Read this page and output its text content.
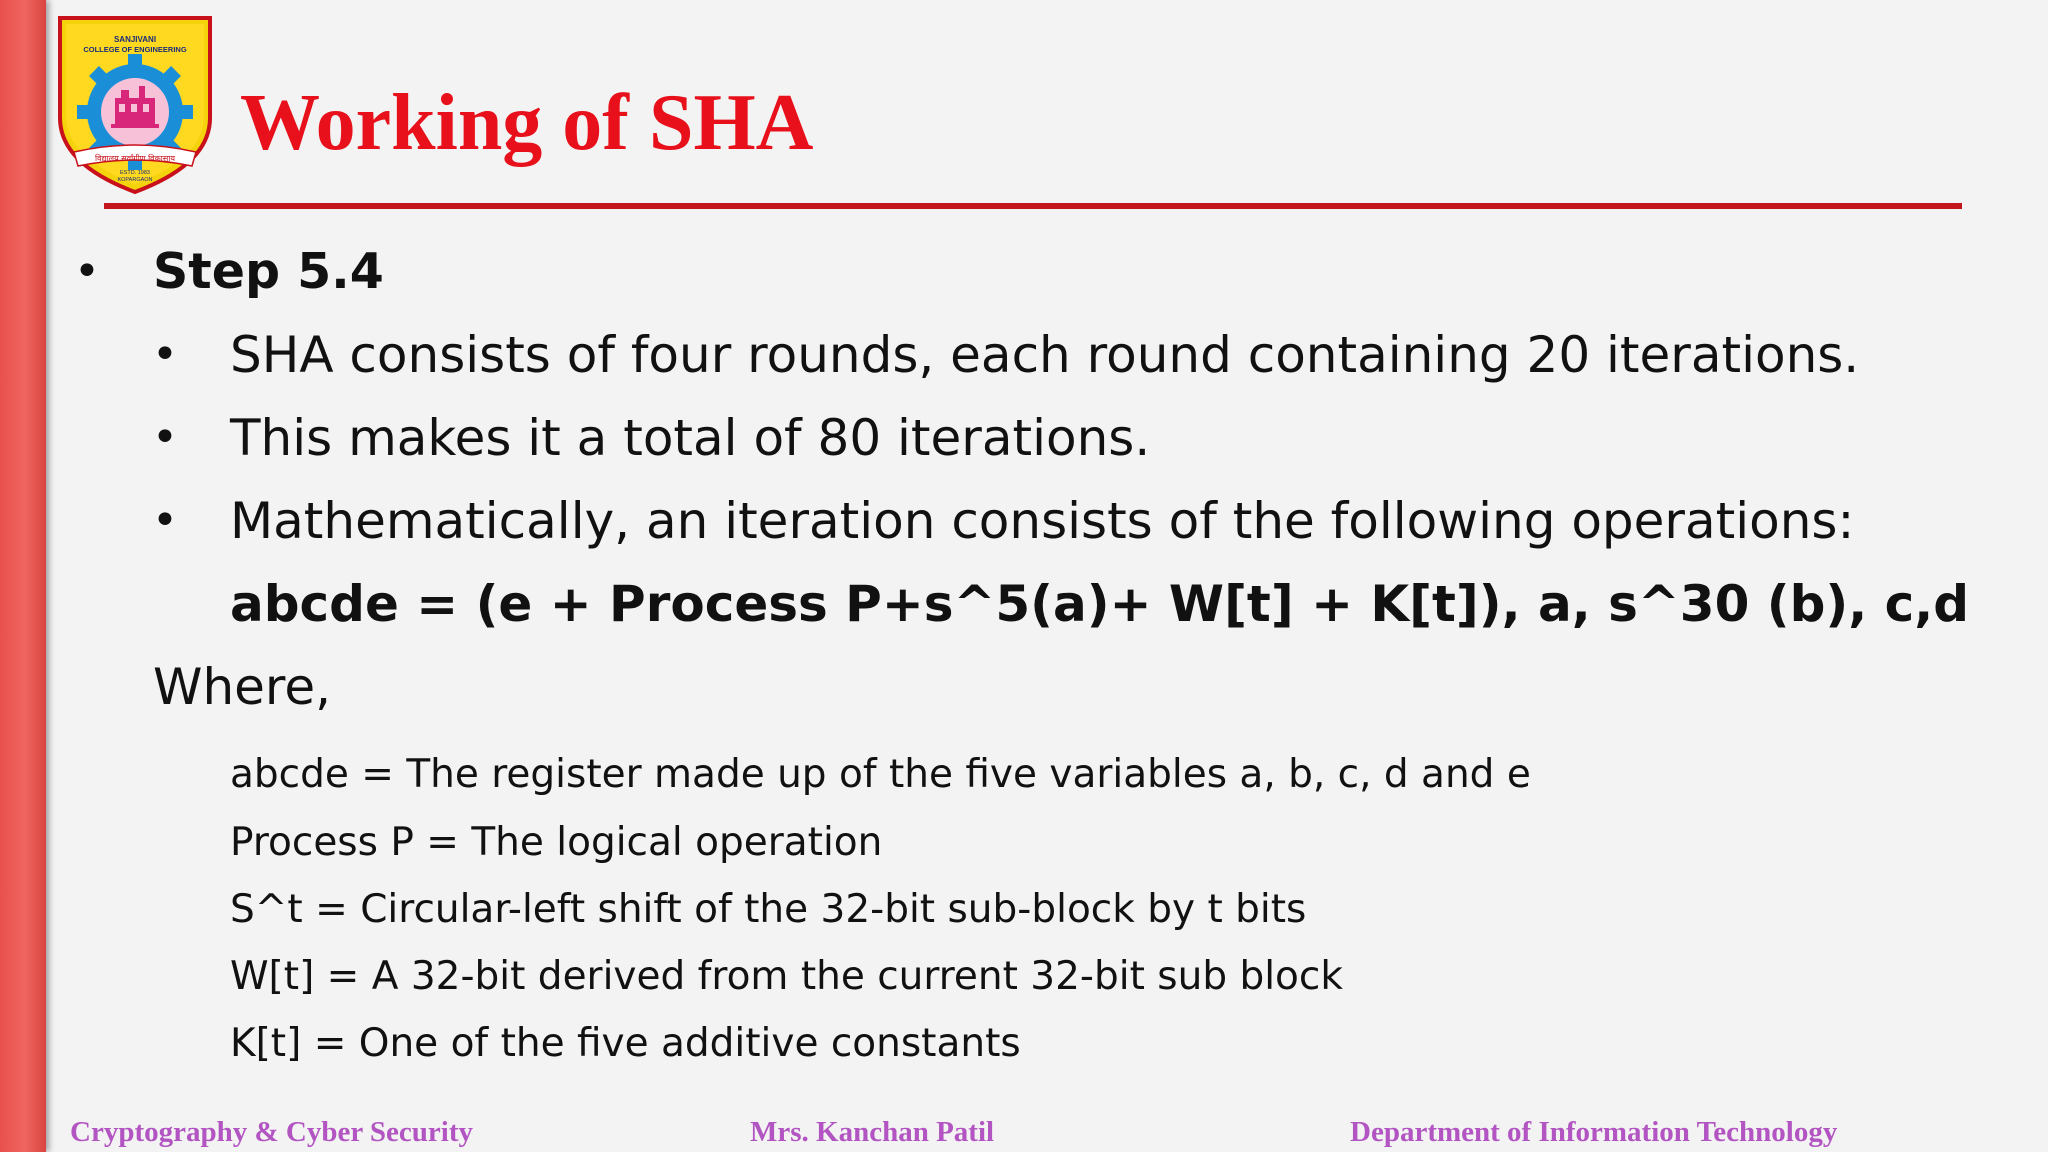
SANJIVANI
COLLEGE OF ENGINEERING
विद्यालय सर्वांगीण विकासाय
ESTD. 1983
KOPARGAON
Working of SHA
• Step 5.4
• SHA consists of four rounds, each round containing 20 iterations.
• This makes it a total of 80 iterations.
• Mathematically, an iteration consists of the following operations:
abcde = (e + Process P+s^5(a)+ W[t] + K[t]), a, s^30 (b), c,d
Where,
abcde = The register made up of the five variables a, b, c, d and e
Process P = The logical operation
S^t = Circular-left shift of the 32-bit sub-block by t bits
W[t] = A 32-bit derived from the current 32-bit sub block
K[t] = One of the five additive constants
Cryptography & Cyber Security	Mrs. Kanchan Patil	Department of Information Technology
